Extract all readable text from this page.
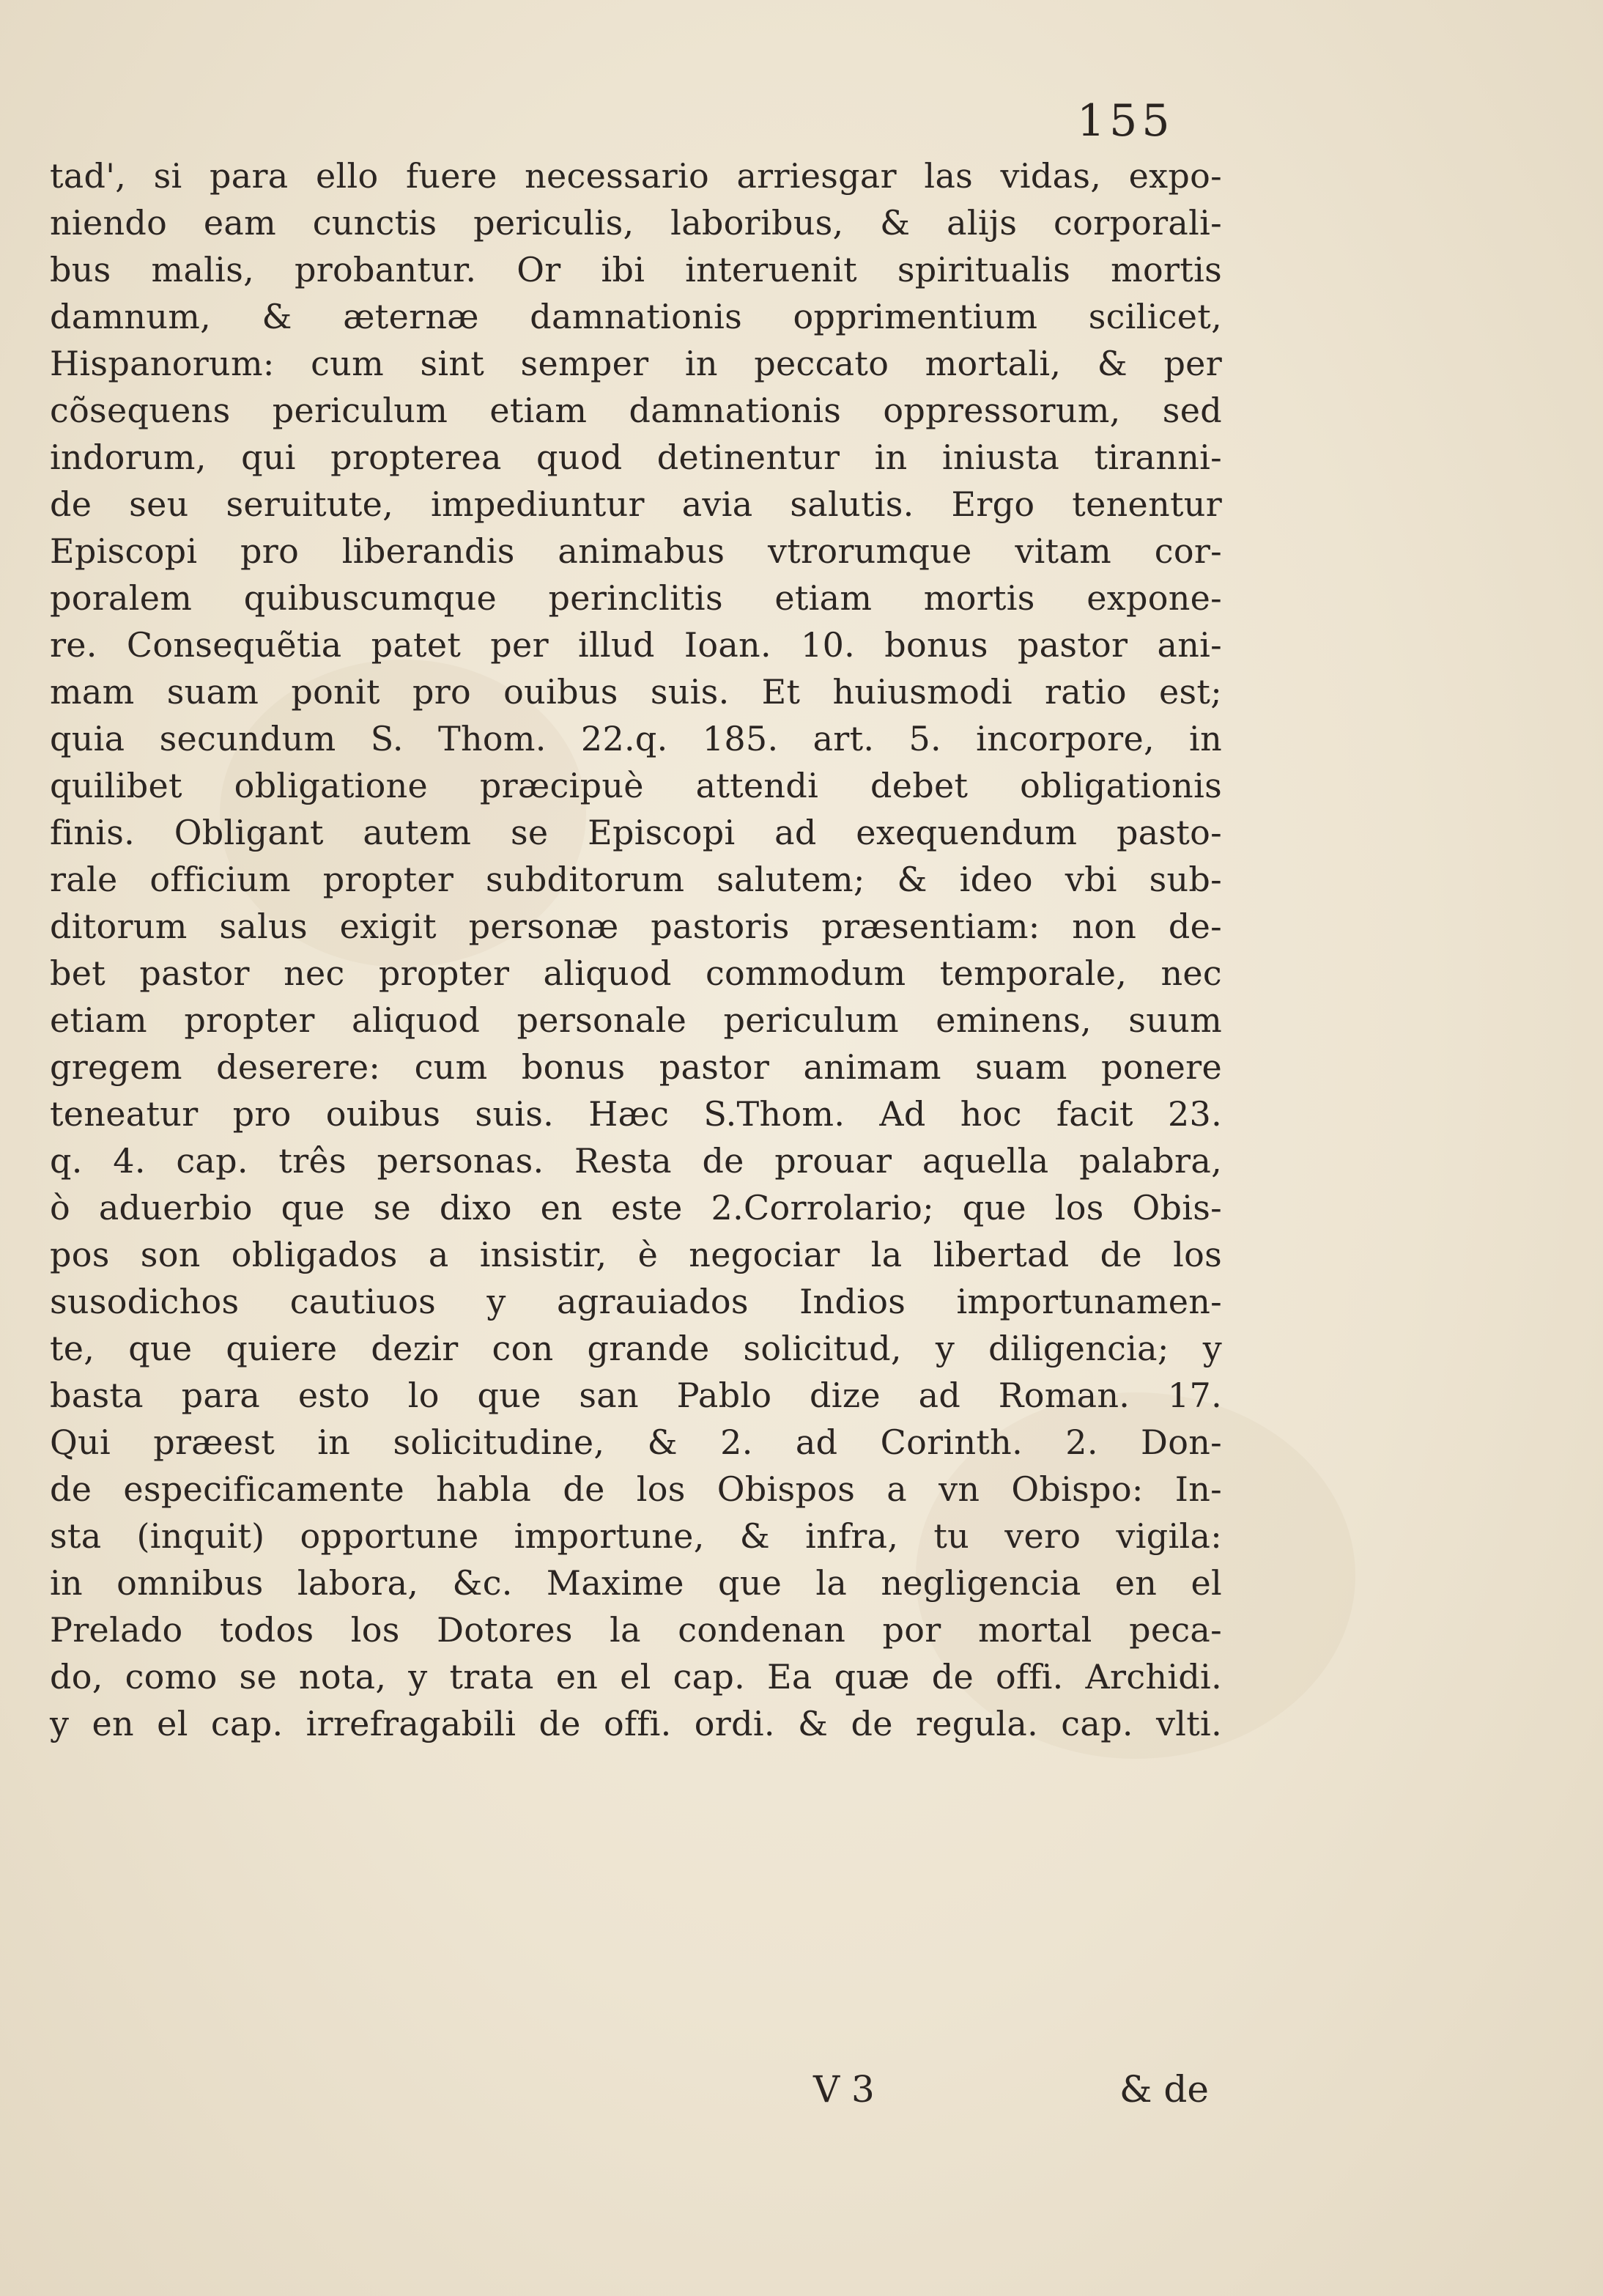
155
tad', si para ello fuere necessario arriesgar las vidas, expo-
niendo eam cunctis periculis, laboribus, & alijs corporali-
bus malis, probantur. Or ibi interuenit spiritualis mortis
damnum, & æternæ damnationis opprimentium scilicet,
Hispanorum: cum sint semper in peccato mortali, & per
cõsequens periculum etiam damnationis oppressorum, sed
indorum, qui propterea quod detinentur in iniusta tiranni-
de seu seruitute, impediuntur avia salutis. Ergo tenentur
Episcopi pro liberandis animabus vtrorumque vitam cor-
poralem quibuscumque perinclitis etiam mortis expone-
re. Consequẽtia patet per illud Ioan. 10. bonus pastor ani-
mam suam ponit pro ouibus suis. Et huiusmodi ratio est;
quia secundum S. Thom. 22.q. 185. art. 5. incorpore, in
quilibet obligatione præcipuè attendi debet obligationis
finis. Obligant autem se Episcopi ad exequendum pasto-
rale officium propter subditorum salutem; & ideo vbi sub-
ditorum salus exigit personæ pastoris præsentiam: non de-
bet pastor nec propter aliquod commodum temporale, nec
etiam propter aliquod personale periculum eminens, suum
gregem deserere: cum bonus pastor animam suam ponere
teneatur pro ouibus suis. Hæc S.Thom. Ad hoc facit 23.
q. 4. cap. três personas. Resta de prouar aquella palabra,
ò aduerbio que se dixo en este 2.Corrolario; que los Obis-
pos son obligados a insistir, è negociar la libertad de los
susodichos cautiuos y agrauiados Indios importunamen-
te, que quiere dezir con grande solicitud, y diligencia; y
basta para esto lo que san Pablo dize ad Roman. 17.
Qui præest in solicitudine, & 2. ad Corinth. 2. Don-
de especificamente habla de los Obispos a vn Obispo: In-
sta (inquit) opportune importune, & infra, tu vero vigila:
in omnibus labora, &c. Maxime que la negligencia en el
Prelado todos los Dotores la condenan por mortal peca-
do, como se nota, y trata en el cap. Ea quæ de offi. Archidi.
y en el cap. irrefragabili de offi. ordi. & de regula. cap. vlti.
V 3	& de
